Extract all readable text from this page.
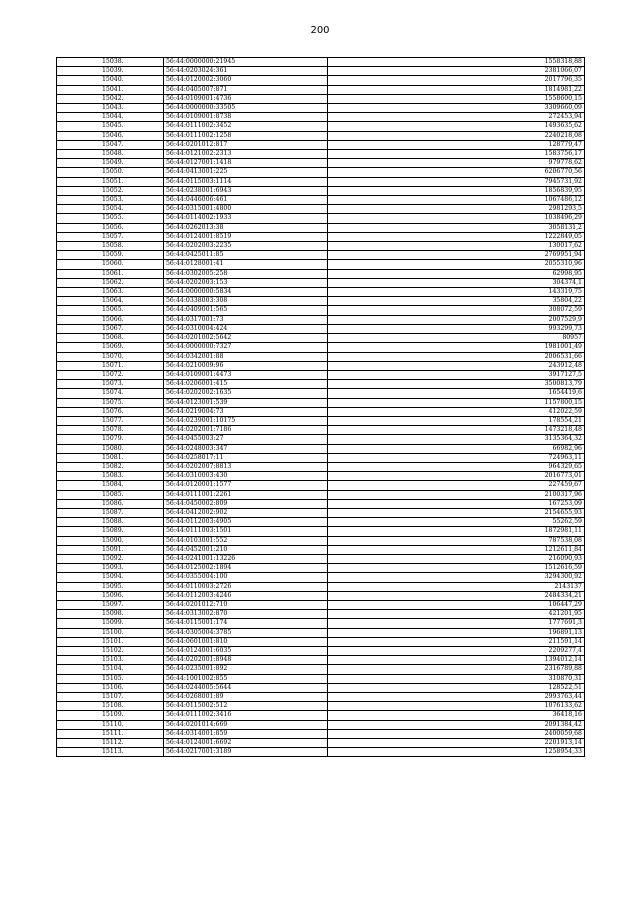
200
15038.	56:44:0000000:21945	1558318,88
15039.	56:44:0203024:361	2381066,07
15040.	56:44:0120002:3060	2017796,35
15041.	56:44:0405007:871	1814981,22
15042.	56:44:0109001:4736	1558600,15
15043.	56:44:0000000:33505	3309660,09
15044.	56:44:0109001:8738	272453,94
15045.	56:44:0111002:3452	1493635,62
15046.	56:44:0111002:1258	2240218,08
15047.	56:44:0201012:817	128779,47
15048.	56:44:0121002:2313	1583756,17
15049.	56:44:0127001:1418	979778,62
15050.	56:44:0413001:225	6206770,56
15051.	56:44:0115003:1114	7945731,92
15052.	56:44:0238001:6943	1856839,95
15053.	56:44:0446006:461	1067486,12
15054.	56:44:0315001:4800	2981293,5
15055.	56:44:0114002:1933	1038496,29
15056.	56:44:0262013:38	3058131,2
15057.	56:44:0124001:8519	1222849,05
15058.	56:44:0202003:2235	130017,62
15059.	56:44:0425011:85	2769951,94
15060.	56:44:0128001:41	2055310,96
15061.	56:44:0302005:258	62998,95
15062.	56:44:0202003:153	304374,1
15063.	56:44:0000000:5834	143319,75
15064.	56:44:0338003:308	35804,22
15065.	56:44:0409001:565	308072,59
15066.	56:44:0317001:73	2007529,9
15067.	56:44:0310004:424	993299,73
15068.	56:44:0201002:5642	80957
15069.	56:44:0000000:7327	1981001,49
15070.	56:44:0342001:88	2006531,66
15071.	56:44:0210009:96	243912,48
15072.	56:44:0109001:4473	3917127,5
15073.	56:44:0206001:415	3500813,79
15074.	56:44:0202002:1635	1654419,6
15075.	56:44:0123001:539	1157800,15
15076.	56:44:0219004:73	412022,59
15077.	56:44:0239001:10175	178554,21
15078.	56:44:0202001:7186	1473218,48
15079.	56:44:0455003:27	3135364,32
15080.	56:44:0248003:347	66982,96
15081.	56:44:0258017:11	724963,11
15082.	56:44:0202007:8813	964329,65
15083.	56:44:0310003:430	2016773,01
15084.	56:44:0120001:1577	227459,67
15085.	56:44:0111001:2261	2100317,96
15086.	56:44:0450002:809	167253,09
15087.	56:44:0412002:902	2154655,93
15088.	56:44:0112003:4905	55262,59
15089.	56:44:0111003:1501	1872981,11
15090.	56:44:0103001:552	787538,08
15091.	56:44:0452001:210	1212611,84
15092.	56:44:0241001:13226	216090,93
15093.	56:44:0125002:1894	1512616,59
15094.	56:44:0355004:100	3294300,92
15095.	56:44:0110003:2726	2143137
15096.	56:44:0112003:4246	2484334,21
15097.	56:44:0201012:710	106447,29
15098.	56:44:0313002:870	421201,95
15099.	56:44:0115001:174	1777691,3
15100.	56:44:0305004:3785	196891,13
15101.	56:44:0601001:810	211591,14
15102.	56:44:0124001:6035	2209277,4
15103.	56:44:0202001:8948	1394012,14
15104.	56:44:0235001:892	2316789,88
15105.	56:44:1001002:855	310870,31
15106.	56:44:0244005:5644	128522,51
15107.	56:44:0268001:89	2993763,44
15108.	56:44:0115002:512	1076133,62
15109.	56:44:0111002:3416	36418,16
15110.	56:44:0201014:669	2091384,42
15111.	56:44:0314001:859	2400059,68
15112.	56:44:0124001:6692	2201913,14
15113.	56:44:0217001:3189	1258954,33
